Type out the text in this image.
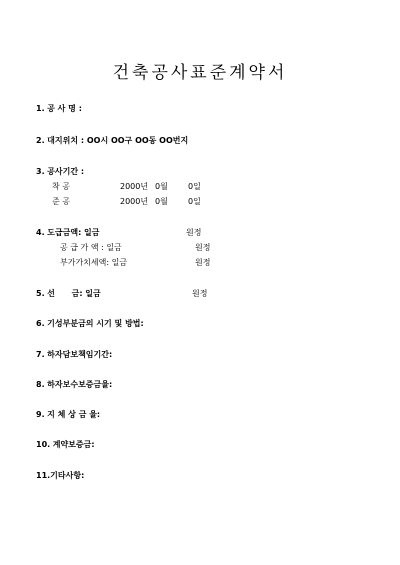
건축공사표준계약서
1. 공 사 명 :
2. 대지위치 : OO시 OO구 OO동 OO번지
3. 공사기간 :
착 공	2000년 0월	0일
준 공	2000년 0월	0일
4. 도급금액: 일금	원정
공 급 가 액 : 일금	원정
부가가치세액: 일금	원정
5. 선      금: 일금	원정
6. 기성부분금의 시기 및 방법:
7. 하자담보책임기간:
8. 하자보수보증금율:
9. 지 체 상 금 율:
10. 계약보증금:
11.기타사항:
